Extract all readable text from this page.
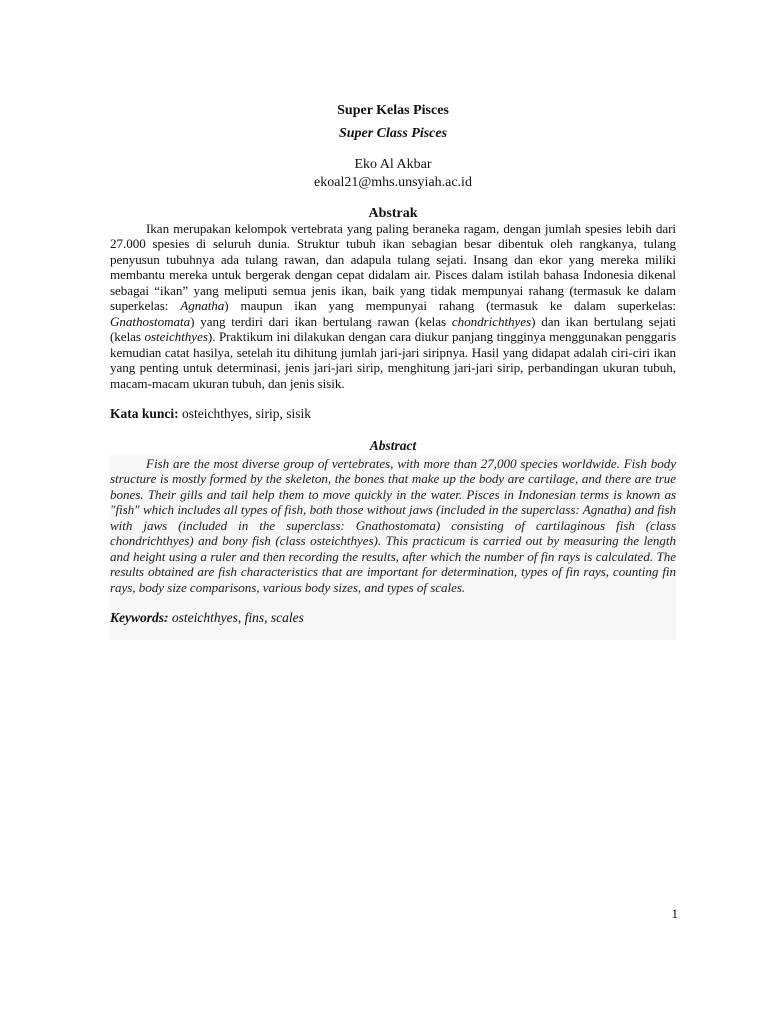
Super Kelas Pisces

Super Class Pisces

Eko Al Akbar

ekoal21@mhs.unsyiah.ac.id

Abstrak

Ikan merupakan kelompok vertebrata yang paling beraneka ragam, dengan jumlah spesies lebih dari 27.000 spesies di seluruh dunia. Struktur tubuh ikan sebagian besar dibentuk oleh rangkanya, tulang penyusun tubuhnya ada tulang rawan, dan adapula tulang sejati. Insang dan ekor yang mereka miliki membantu mereka untuk bergerak dengan cepat didalam air. Pisces dalam istilah bahasa Indonesia dikenal sebagai “ikan” yang meliputi semua jenis ikan, baik yang tidak mempunyai rahang (termasuk ke dalam superkelas: Agnatha) maupun ikan yang mempunyai rahang (termasuk ke dalam superkelas: Gnathostomata) yang terdiri dari ikan bertulang rawan (kelas chondrichthyes) dan ikan bertulang sejati (kelas osteichthyes). Praktikum ini dilakukan dengan cara diukur panjang tingginya menggunakan penggaris kemudian catat hasilya, setelah itu dihitung jumlah jari-jari siripnya. Hasil yang didapat adalah ciri-ciri ikan yang penting untuk determinasi, jenis jari-jari sirip, menghitung jari-jari sirip, perbandingan ukuran tubuh, macam-macam ukuran tubuh, dan jenis sisik.

Kata kunci: osteichthyes, sirip, sisik

Abstract

Fish are the most diverse group of vertebrates, with more than 27,000 species worldwide. Fish body structure is mostly formed by the skeleton, the bones that make up the body are cartilage, and there are true bones. Their gills and tail help them to move quickly in the water. Pisces in Indonesian terms is known as "fish" which includes all types of fish, both those without jaws (included in the superclass: Agnatha) and fish with jaws (included in the superclass: Gnathostomata) consisting of cartilaginous fish (class chondrichthyes) and bony fish (class osteichthyes). This practicum is carried out by measuring the length and height using a ruler and then recording the results, after which the number of fin rays is calculated. The results obtained are fish characteristics that are important for determination, types of fin rays, counting fin rays, body size comparisons, various body sizes, and types of scales.

Keywords: osteichthyes, fins, scales

1
